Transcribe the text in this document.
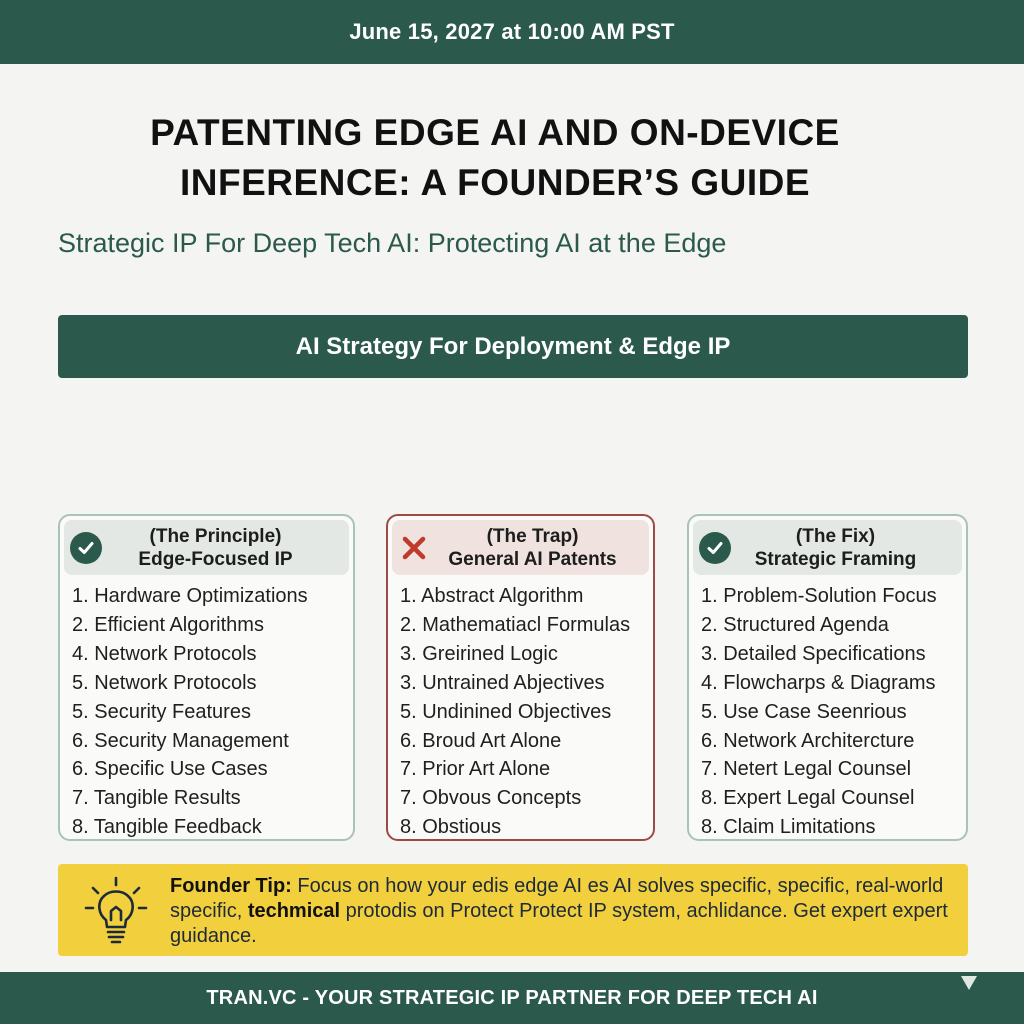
June 15, 2027 at 10:00 AM PST
PATENTING EDGE AI AND ON-DEVICE
INFERENCE: A FOUNDER’S GUIDE
Strategic IP For Deep Tech AI: Protecting AI at the Edge
AI Strategy For Deployment & Edge IP
(The Principle)
Edge-Focused IP
1. Hardware Optimizations
2. Efficient Algorithms
4. Network Protocols
5. Network Protocols
5. Security Features
6. Security Management
6. Specific Use Cases
7. Tangible Results
8. Tangible Feedback
(The Trap)
General AI Patents
1. Abstract Algorithm
2. Mathematiacl Formulas
3. Greirined Logic
3. Untrained Abjectives
5. Undinined Objectives
6. Broud Art Alone
7. Prior Art Alone
7. Obvous Concepts
8. Obstious
(The Fix)
Strategic Framing
1. Problem-Solution Focus
2. Structured Agenda
3. Detailed Specifications
4. Flowcharps & Diagrams
5. Use Case Seenrious
6. Network Architercture
7. Netert Legal Counsel
8. Expert Legal Counsel
8. Claim Limitations

Founder Tip: Focus on how your edis edge AI es AI solves specific, specific, real-world specific, techmical protodis on Protect Protect IP system, achlidance. Get expert expert guidance.

TRAN.VC - YOUR STRATEGIC IP PARTNER FOR DEEP TECH AI
